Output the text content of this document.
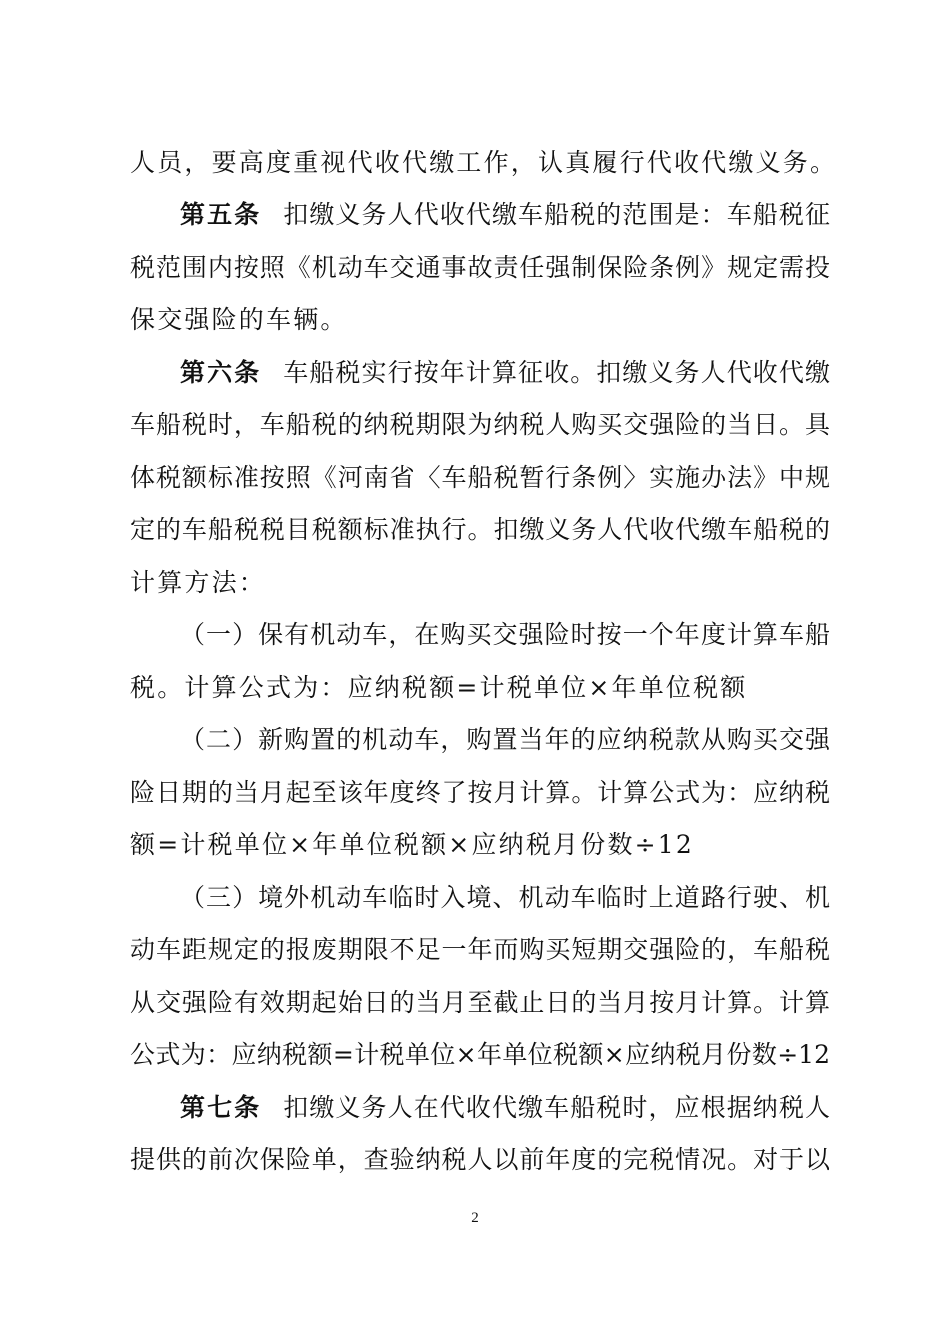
人员，要高度重视代收代缴工作，认真履行代收代缴义务。
第五条 扣缴义务人代收代缴车船税的范围是：车船税征
税范围内按照《机动车交通事故责任强制保险条例》规定需投
保交强险的车辆。
第六条 车船税实行按年计算征收。扣缴义务人代收代缴
车船税时，车船税的纳税期限为纳税人购买交强险的当日。具
体税额标准按照《河南省〈车船税暂行条例〉实施办法》中规
定的车船税税目税额标准执行。扣缴义务人代收代缴车船税的
计算方法：
（一）保有机动车，在购买交强险时按一个年度计算车船
税。计算公式为：应纳税额=计税单位×年单位税额
（二）新购置的机动车，购置当年的应纳税款从购买交强
险日期的当月起至该年度终了按月计算。计算公式为：应纳税
额=计税单位×年单位税额×应纳税月份数÷12
（三）境外机动车临时入境、机动车临时上道路行驶、机
动车距规定的报废期限不足一年而购买短期交强险的，车船税
从交强险有效期起始日的当月至截止日的当月按月计算。计算
公式为：应纳税额=计税单位×年单位税额×应纳税月份数÷12
第七条 扣缴义务人在代收代缴车船税时，应根据纳税人
提供的前次保险单，查验纳税人以前年度的完税情况。对于以
2
